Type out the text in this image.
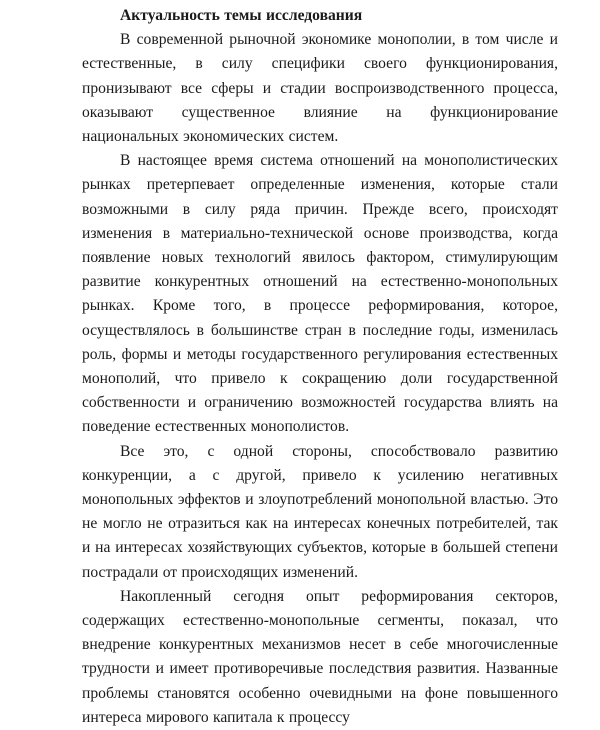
Актуальность темы исследования

В современной рыночной экономике монополии, в том числе и естественные, в силу специфики своего функционирования, пронизывают все сферы и стадии воспроизводственного процесса, оказывают существенное влияние на функционирование национальных экономических систем.

В настоящее время система отношений на монополистических рынках претерпевает определенные изменения, которые стали возможными в силу ряда причин. Прежде всего, происходят изменения в материально-технической основе производства, когда появление новых технологий явилось фактором, стимулирующим развитие конкурентных отношений на естественно-монопольных рынках. Кроме того, в процессе реформирования, которое, осуществлялось в большинстве стран в последние годы, изменилась роль, формы и методы государственного регулирования естественных монополий, что привело к сокращению доли государственной собственности и ограничению возможностей государства влиять на поведение естественных монополистов.

Все это, с одной стороны, способствовало развитию конкуренции, а с другой, привело к усилению негативных монопольных эффектов и злоупотреблений монопольной властью. Это не могло не отразиться как на интересах конечных потребителей, так и на интересах хозяйствующих субъектов, которые в большей степени пострадали от происходящих изменений.

Накопленный сегодня опыт реформирования секторов, содержащих естественно-монопольные сегменты, показал, что внедрение конкурентных механизмов несет в себе многочисленные трудности и имеет противоречивые последствия развития. Названные проблемы становятся особенно очевидными на фоне повышенного интереса мирового капитала к процессу
